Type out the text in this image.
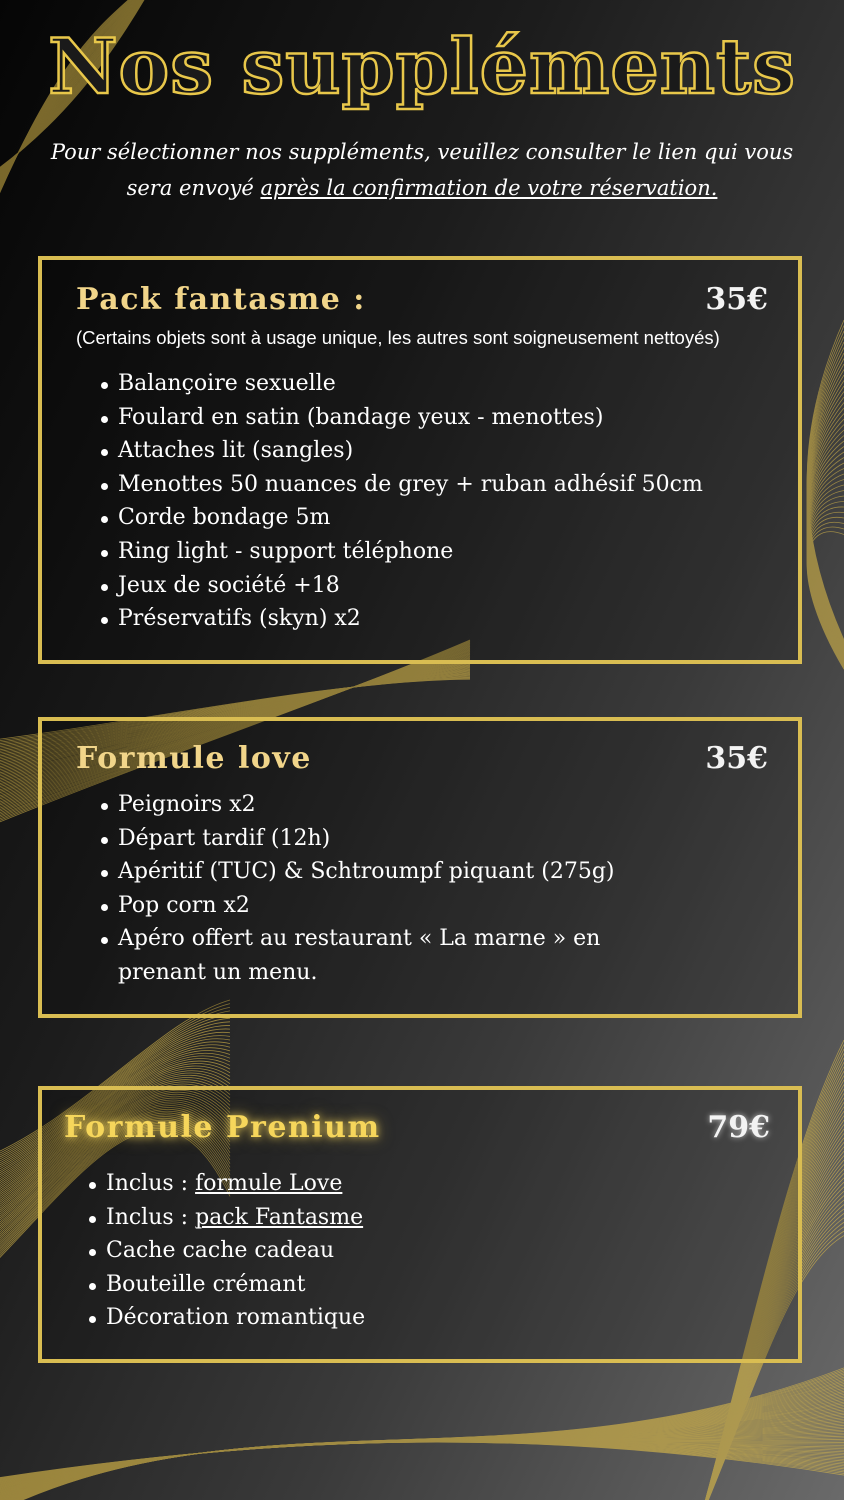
Nos suppléments
Pour sélectionner nos suppléments, veuillez consulter le lien qui vous sera envoyé après la confirmation de votre réservation.
Pack fantasme :	35€
(Certains objets sont à usage unique, les autres sont soigneusement nettoyés)
Balançoire sexuelle
Foulard en satin (bandage yeux - menottes)
Attaches lit (sangles)
Menottes 50 nuances de grey + ruban adhésif 50cm
Corde bondage 5m
Ring light - support téléphone
Jeux de société +18
Préservatifs (skyn) x2
Formule love	35€
Peignoirs x2
Départ tardif (12h)
Apéritif (TUC) & Schtroumpf piquant (275g)
Pop corn x2
Apéro offert au restaurant « La marne » en prenant un menu.
Formule Prenium	79€
Inclus : formule Love
Inclus : pack Fantasme
Cache cache cadeau
Bouteille crémant
Décoration romantique
